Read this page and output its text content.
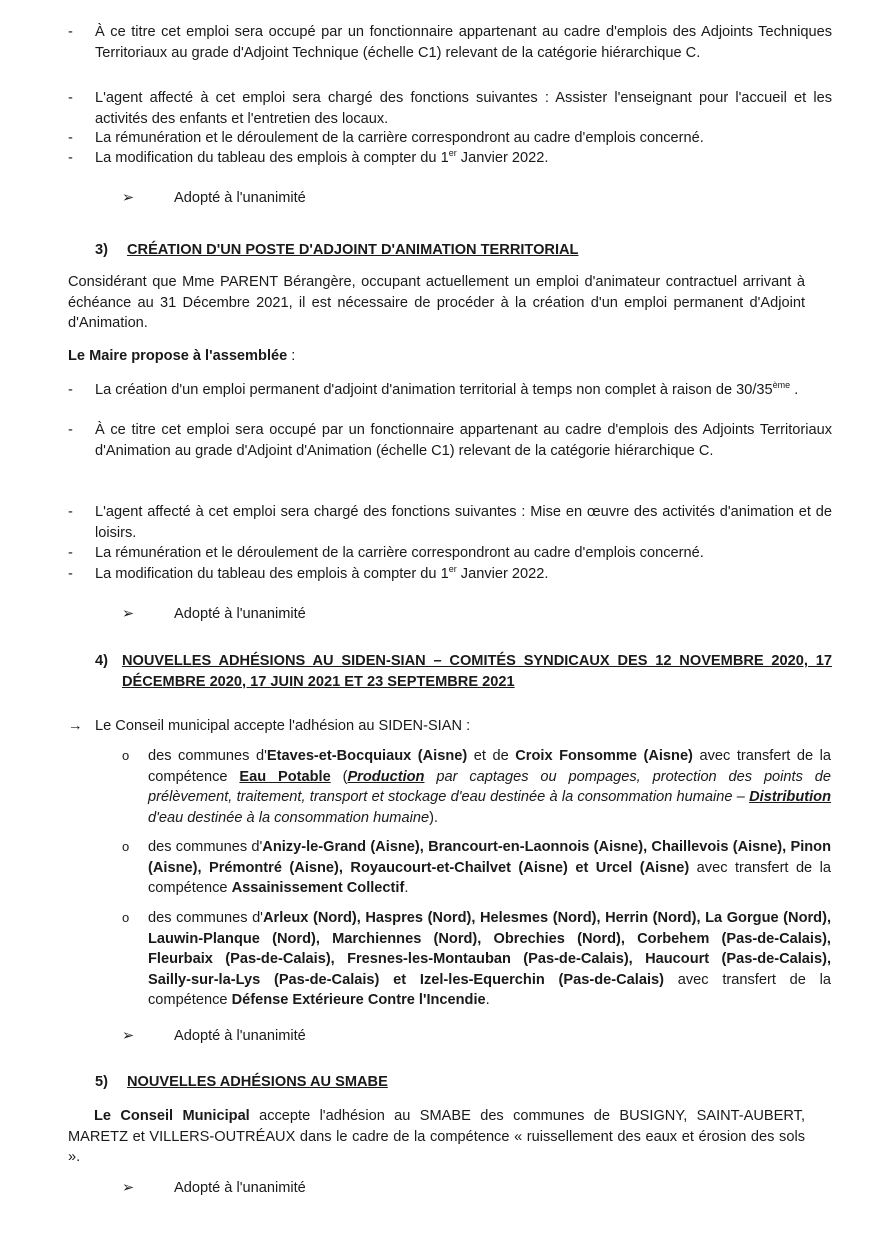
- À ce titre cet emploi sera occupé par un fonctionnaire appartenant au cadre d'emplois des Adjoints Techniques Territoriaux au grade d'Adjoint Technique (échelle C1) relevant de la catégorie hiérarchique C.

- L'agent affecté à cet emploi sera chargé des fonctions suivantes : Assister l'enseignant pour l'accueil et les activités des enfants et l'entretien des locaux.

- La rémunération et le déroulement de la carrière correspondront au cadre d'emplois concerné.

- La modification du tableau des emplois à compter du 1er Janvier 2022.

➢	Adopté à l'unanimité
3) CRÉATION D'UN POSTE D'ADJOINT D'ANIMATION TERRITORIAL

Considérant que Mme PARENT Bérangère, occupant actuellement un emploi d'animateur contractuel arrivant à échéance au 31 Décembre 2021, il est nécessaire de procéder à la création d'un emploi permanent d'Adjoint d'Animation.

Le Maire propose à l'assemblée :

- La création d'un emploi permanent d'adjoint d'animation territorial à temps non complet à raison de 30/35ème .

- À ce titre cet emploi sera occupé par un fonctionnaire appartenant au cadre d'emplois des Adjoints Territoriaux d'Animation au grade d'Adjoint d'Animation (échelle C1) relevant de la catégorie hiérarchique C.

- L'agent affecté à cet emploi sera chargé des fonctions suivantes : Mise en œuvre des activités d'animation et de loisirs.

- La rémunération et le déroulement de la carrière correspondront au cadre d'emplois concerné.

- La modification du tableau des emplois à compter du 1er Janvier 2022.

➢	Adopté à l'unanimité
4) NOUVELLES ADHÉSIONS AU SIDEN-SIAN – COMITÉS SYNDICAUX DES 12 NOVEMBRE 2020, 17 DÉCEMBRE 2020, 17 JUIN 2021 ET 23 SEPTEMBRE 2021

→ Le Conseil municipal accepte l'adhésion au SIDEN-SIAN :

o des communes d'Etaves-et-Bocquiaux (Aisne) et de Croix Fonsomme (Aisne) avec transfert de la compétence Eau Potable (Production par captages ou pompages, protection des points de prélèvement, traitement, transport et stockage d'eau destinée à la consommation humaine – Distribution d'eau destinée à la consommation humaine).
o des communes d'Anizy-le-Grand (Aisne), Brancourt-en-Laonnois (Aisne), Chaillevois (Aisne), Pinon (Aisne), Prémontré (Aisne), Royaucourt-et-Chailvet (Aisne) et Urcel (Aisne) avec transfert de la compétence Assainissement Collectif.
o des communes d'Arleux (Nord), Haspres (Nord), Helesmes (Nord), Herrin (Nord), La Gorgue (Nord), Lauwin-Planque (Nord), Marchiennes (Nord), Obrechies (Nord), Corbehem (Pas-de-Calais), Fleurbaix (Pas-de-Calais), Fresnes-les-Montauban (Pas-de-Calais), Haucourt (Pas-de-Calais), Sailly-sur-la-Lys (Pas-de-Calais) et Izel-les-Equerchin (Pas-de-Calais) avec transfert de la compétence Défense Extérieure Contre l'Incendie.
➢	Adopté à l'unanimité
5) NOUVELLES ADHÉSIONS AU SMABE

Le Conseil Municipal accepte l'adhésion au SMABE des communes de BUSIGNY, SAINT-AUBERT, MARETZ et VILLERS-OUTRÉAUX dans le cadre de la compétence « ruissellement des eaux et érosion des sols ».

➢	Adopté à l'unanimité
